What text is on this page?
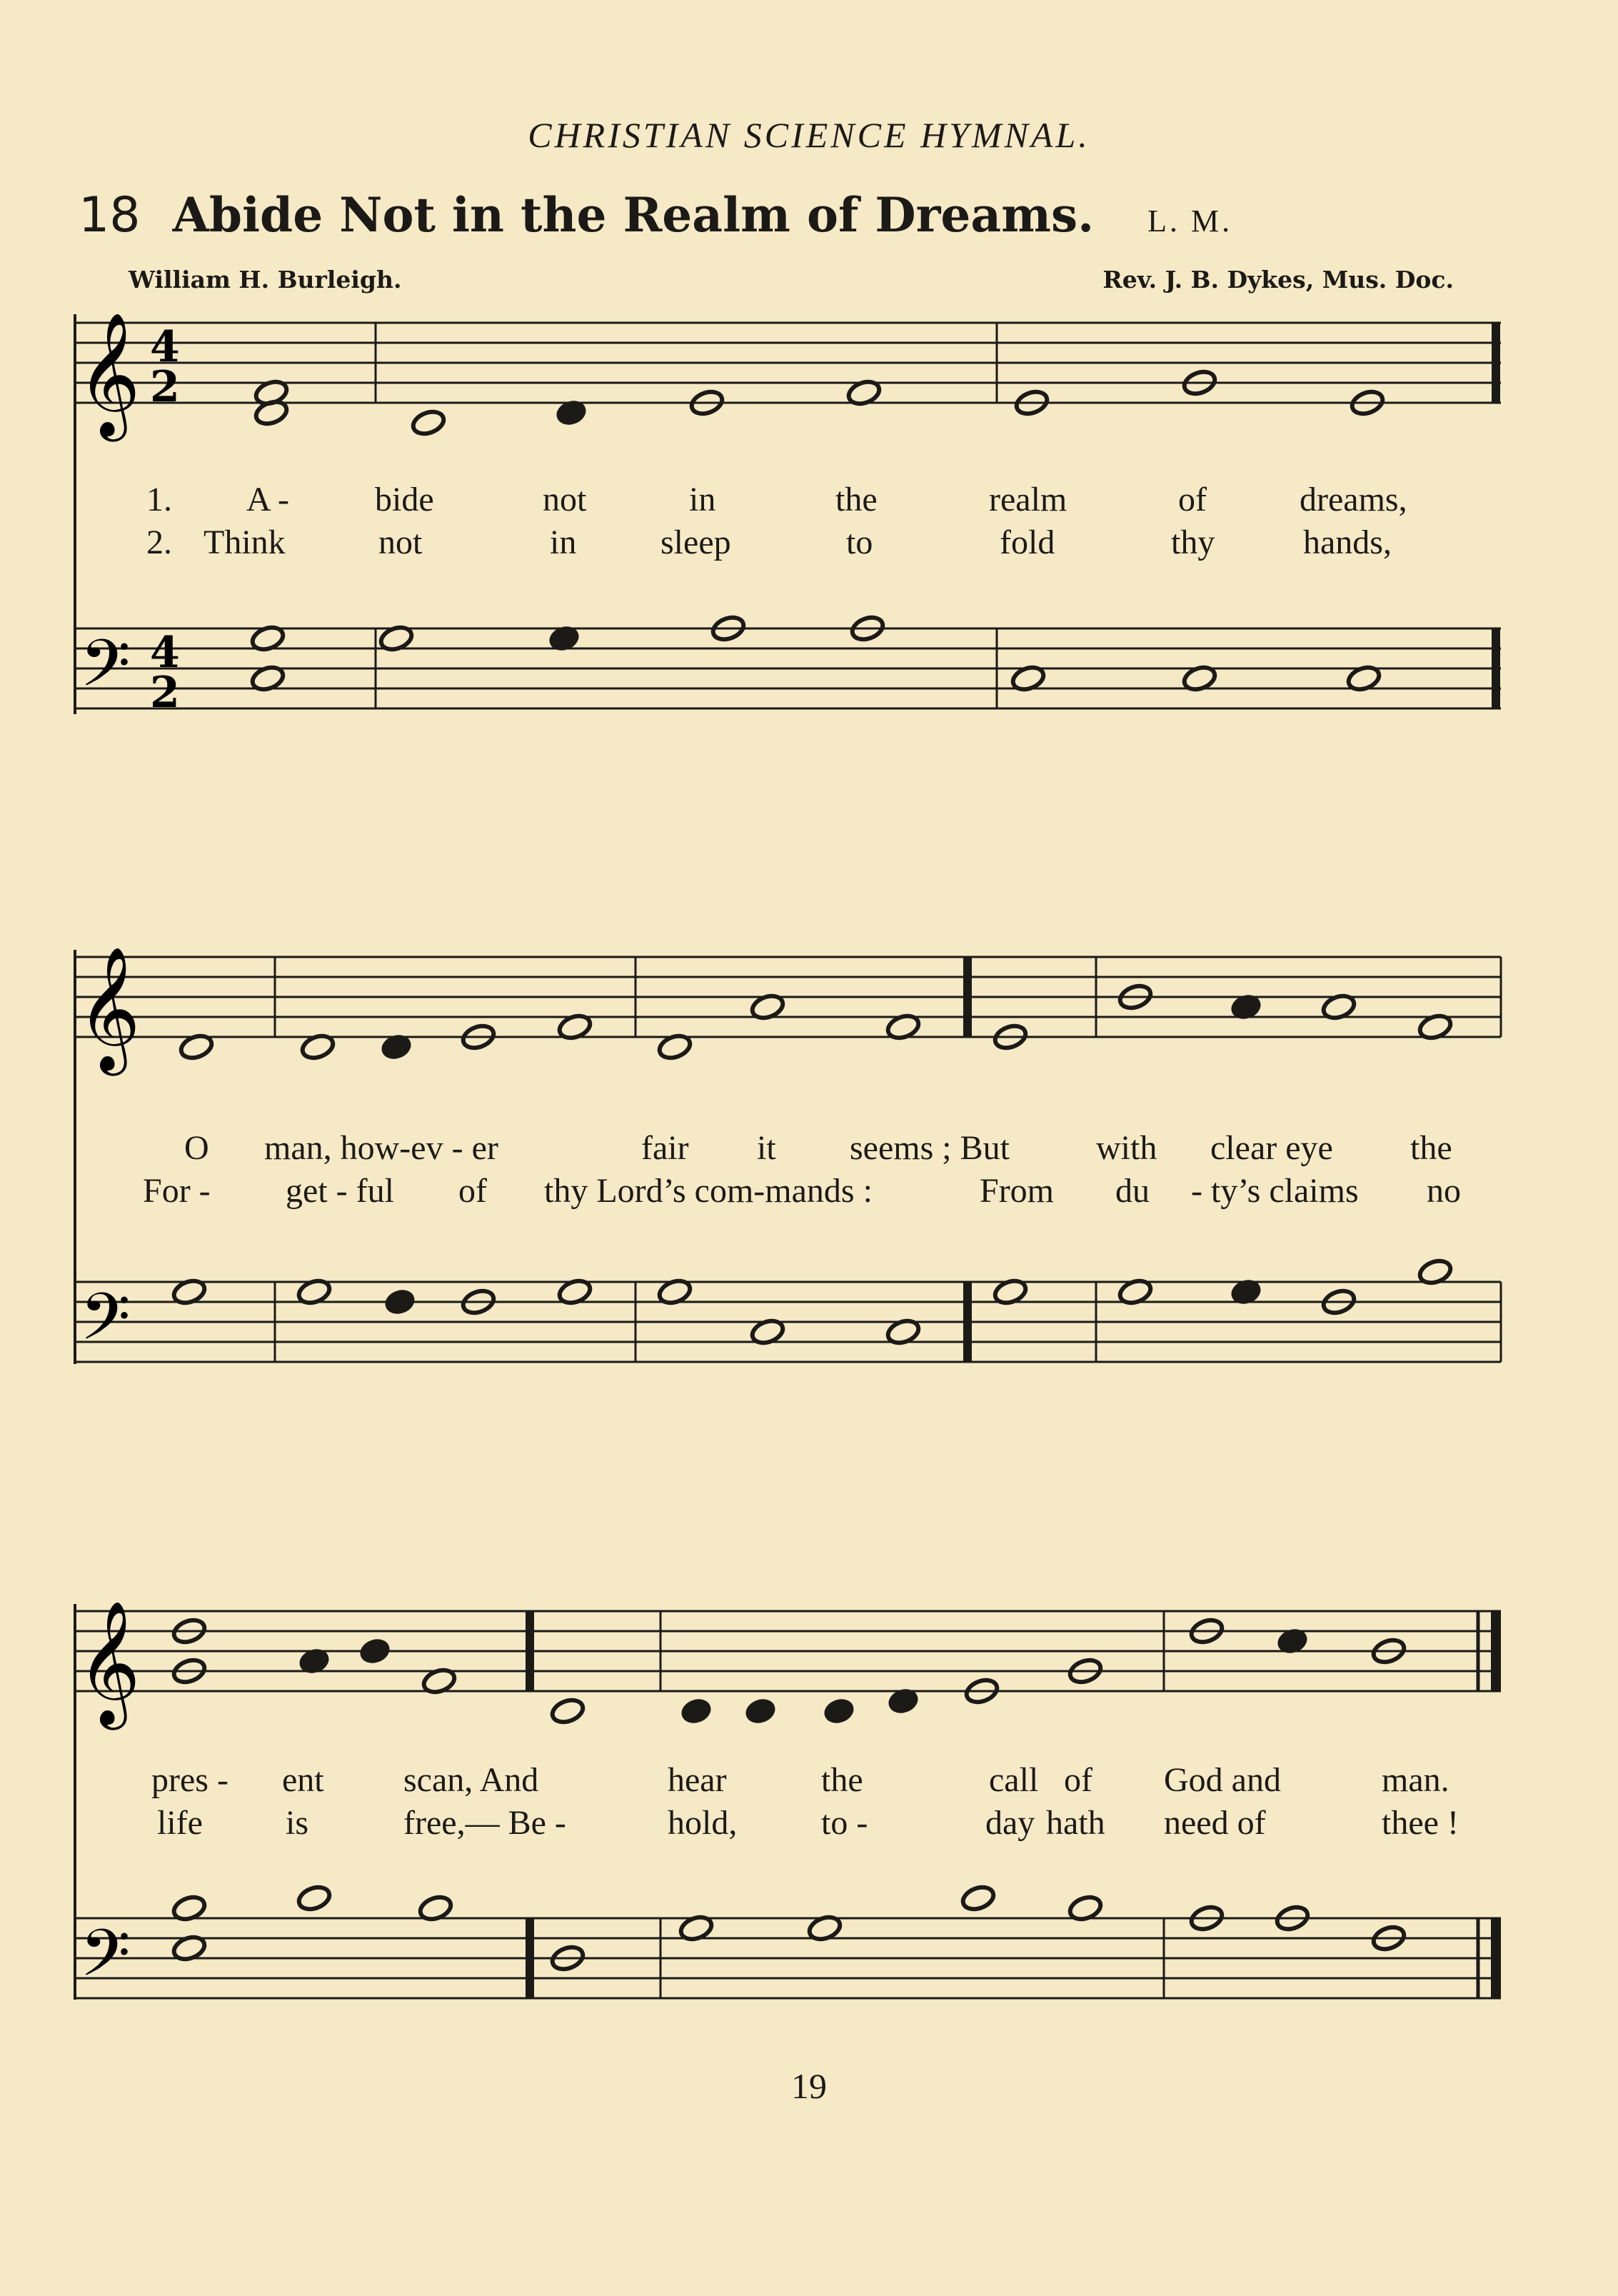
CHRISTIAN SCIENCE HYMNAL.
18 Abide Not in the Realm of Dreams. L. M.
William H. Burleigh.	Rev. J. B. Dykes, Mus. Doc.
𝄞
𝄢
4
2
4
2
1. A -	bide	not	in	the	realm	of	dreams,
2. Think	not	in sleep	to	fold	thy	hands,
𝄞
𝄢
O man, how-ev - er	fair it seems ; But	with clear eye the
For - get - ful of thy Lord’s com-mands :	From du - ty’s claims no
𝄞
𝄢
pres - ent scan, And	hear	the	call of God and	man.
life is	free,— Be -	hold, to -	day hath need of	thee !
19
